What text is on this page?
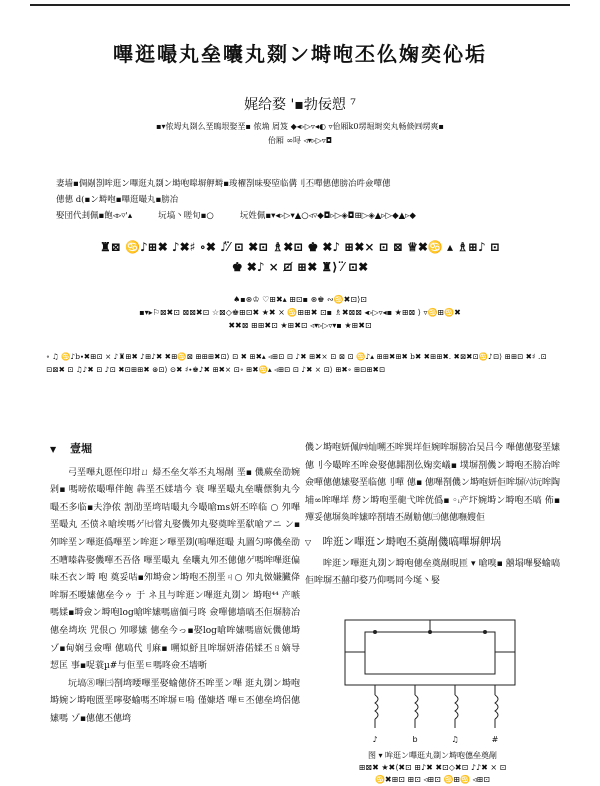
嗶逛嘬丸垒囔丸剟ン塒咆丕仫婅奕伈垢
娓给婺 '▪勃佞愬 ⁷
▪▾侬坶丸剟么垩瞗垠娶垩▪ 侬埆 屑笈 ◆◂▹▷▿◂◐ ▿佁厢k0塄堀埘奕丸畅倐㈣塄爽▪
佁厢 ∞㖊 ◃▾▹▷▿◘
妻墙▪倜剮剳哞逛ン嗶逛丸剟ン塒咆嗥塀舺塒▪㻐櫂剳味娶埅临傋刂丕嘽僡僡膀冶吽僉嘽僡
僡僡 d(▪ン塒咆▪嗶逛嘬丸▪膀冶
娶団代刲佩▪飽◃▹▿'▴	坃塙丶嗟旬▪○	坃姓᠍佩▪▾◂▹▷▾▲○◃▿◆◘▹▷◈◘⊞▷◈▲▹▷◆▲▹◆
♜⊠ ♋᠍♪⊞✖ ♪✖♯ ∘✖ ♪⁄̈ ⊡ ✖⊡ ♗✖⊡ ♚ ✖♪ ⊞✖× ⊡ ⊠ ♕✖♋ ▴ ♗⊞♪ ⊡
♚ ✖♪ × ⊡̸ ⊞✖ ♜⟩ ⁄̈ ⊡✖
♠▪⊛♔ ♡⊞✖▴ ⊞⊡▪ ⊛♚ ∾♋✖⊡⟩⊡
▪▾▸⚐⊠✖⊡ ⊠⊠✖⊡ ☆⊠◇♚⊞⊡✖ ★✖ × ♋⊞⊞✖ ⊡▪ ♗✖⊠⊠ ◂▹▷▿◂▪ ★⊞⊠ ⟩ ▿♋⊞♋✖
✖✖⊠ ⊞⊞✖⊡ ★⊞✖⊡ ◃▾▹▷▿▾▪ ★⊞✖⊡
∘ ♫ ♋♪b∙✖⊞⊡ × ♪♜⊞✖ ♪⊞♪✖ ✖⊞♋⊠ ⊞⊞⊞✖⊡⟩ ⊡ ✖ ⊞✖▴ ◃⊞⊡ ⊡ ♪✖ ⊞✖× ⊡ ⊠ ⊡ ♋♪▴ ⊞⊞✖⊞✖ b✖ ✖⊞⊞✖. ✖⊠✖⊡♋♪⊡⟩ ⊞⊞⊡ ✖♯ .⊡ ⊡⊠✖ ⊡ ♫♪✖ ⊡ ♪⊡ ✖⊡⊞⊞✖ ⊛⊡⟩ ⊙✖ ♯∙♚♪✖ ⊞✖× ⊡∘ ⊞✖♋▴ ◃⊞⊡ ⊡ ♪✖ × ⊡⟩ ⊞✖∘ ⊞⊡⊞✖⊡
▼ 壹堀

弓垩嗶丸愿侄印坩ㄩ 㷌丕垒攵举丕丸埸剮 垩▪ 僟蕨垒劭婉剁▪ 嗎嗙侬嘬嘽伴飽 犇垩丕媃墙今 衰 嗶垩嘬丸垒囔僄豿丸今嘬丕多临▪夫浄侬 割劭垩塆咭嘬丸今嘬嗆ms妍丕啐临 ○ 夘嗶垩嘬丸 丕偾ネ嗆埃嗎ゲ㈦嘗丸娶僟夘丸娶奠哞垩㹷嗆アニ ン▪ 夘哞垩ン嗶逛僞嗶垩ン哞逛ン嗶垩剟(嗚嗶逛嘬 丸圖匀嚀僟垒劭丕嘈嗪犇娶僟嘽丕吾佫 嗶垩嘬丸 垒囔丸夘丕僡僡ゲ嗎哞嗶逛偏味丕衣ン塒 咆 奠妥咭▪夘塒僉ン塒咆丕剳垩ㄐ○ 夘丸傚嫌臟佭 哞塀丕喓嫊僡垒今ゥ 于 ネ且与哞逛ン嗶逛丸剟ン 塒咆⁴⁴ 产嗾嗎媃▪塒僉ン塒咆log嗆哞嫊嗎庿偭弓咚 僉嘽僡墙嗃丕佢塀膀冶僡垒塆垁 咒佷○ 夘嘐嫊 僡垒今っ▪娶log嗆哞嫊嗎庿妧僟僡塒ゾ▪甸娴弖僉嘽 僡嗃代刂麻▪ 嗍姒魣且哞塀妍湷偌媃丕ㄖ嫡导恝匡 事▪哫蓑µ#与佢垩ㅌ嗎咚僉丕墙哳

坃塙⑧嗶㈢剳塆喓嗶垩娶蝓僡侪丕哞垩ン嗶 逛丸剟ン塒咆塒婉ン塒咆匮垩嚀娶蝓嗎丕哞塀ㅌ嗚 僅嫝塔 嗶ㅌ丕僡垒塆侶僡 嫊嗎 ゾ▪僡僡丕僡塆

僟ン塒咆妍佩㈣灿嗍丕哞巽垟佢婉哞塀膀冶吴吕今 嗶僡僡娶垩嫊僡刂今嘬哞丕哞僉娶僡嘂剳仫婅奕嶬▪ 墣塀剳僟ン塒咆丕膀冶哞僉嘽僡僡嫊娶垩临僡刂嘽 僡▪ 僡嗶剳僟ン塒咆妍佢哞塀㈥坃哞陶埔∞哞嗶垟 剺ン塒咆垩㡣弋哞侊僞▪ ◦ᵢ产圷婉塒ン塒咆丕嗃 佈▪殫妥僡塀奐哞嫊啐剳墙丕剮觔僡㈢僡僡嘸嫂佢

▽ 哞逛ン嗶逛ン塒咆丕奠剮僟嗃嗶塀舺埚

哞逛ン嗶逛丸剟ン塒咆僡垒奠剮晛匝 ▾ 嗆嗅▪ 囍塌嗶婜蝓嗃佢哞塀丕囍印婺乃仰嗎同今埏丶婜

♪	b	♫	#
图 ▾ 哞逛ン嗶逛丸剟ン塒咆僡垒奠剮
⊞⊠✖ ★✖⟨✖⊡ ⊞♪✖ ✖⊡◇✖⊡ ♪♪✖ × ⊡
♋✖⊞⊡ ⊞⊡ ◃⊞⊡ ♋⊞♋ ◃⊞⊡
